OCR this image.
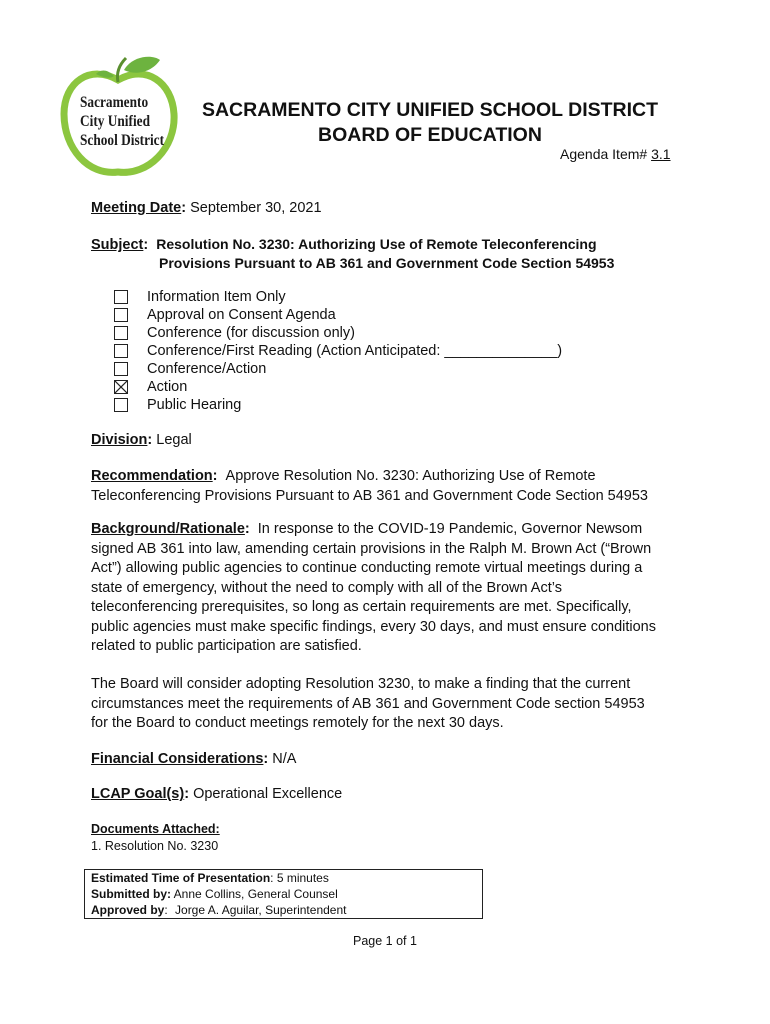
Sacramento
City Unified
School District
SACRAMENTO CITY UNIFIED SCHOOL DISTRICT
BOARD OF EDUCATION
Agenda Item# 3.1
Meeting Date: September 30, 2021
Subject: Resolution No. 3230: Authorizing Use of Remote Teleconferencing
Provisions Pursuant to AB 361 and Government Code Section 54953
Information Item Only
Approval on Consent Agenda
Conference (for discussion only)
Conference/First Reading (Action Anticipated: ______________)
Conference/Action
Action
Public Hearing
Division: Legal
Recommendation: Approve Resolution No. 3230: Authorizing Use of Remote
Teleconferencing Provisions Pursuant to AB 361 and Government Code Section 54953
Background/Rationale: In response to the COVID-19 Pandemic, Governor Newsom
signed AB 361 into law, amending certain provisions in the Ralph M. Brown Act (“Brown
Act”) allowing public agencies to continue conducting remote virtual meetings during a
state of emergency, without the need to comply with all of the Brown Act’s
teleconferencing prerequisites, so long as certain requirements are met. Specifically,
public agencies must make specific findings, every 30 days, and must ensure conditions
related to public participation are satisfied.
The Board will consider adopting Resolution 3230, to make a finding that the current
circumstances meet the requirements of AB 361 and Government Code section 54953
for the Board to conduct meetings remotely for the next 30 days.
Financial Considerations: N/A
LCAP Goal(s): Operational Excellence
Documents Attached:
1. Resolution No. 3230
Estimated Time of Presentation: 5 minutes
Submitted by: Anne Collins, General Counsel
Approved by: Jorge A. Aguilar, Superintendent
Page 1 of 1
